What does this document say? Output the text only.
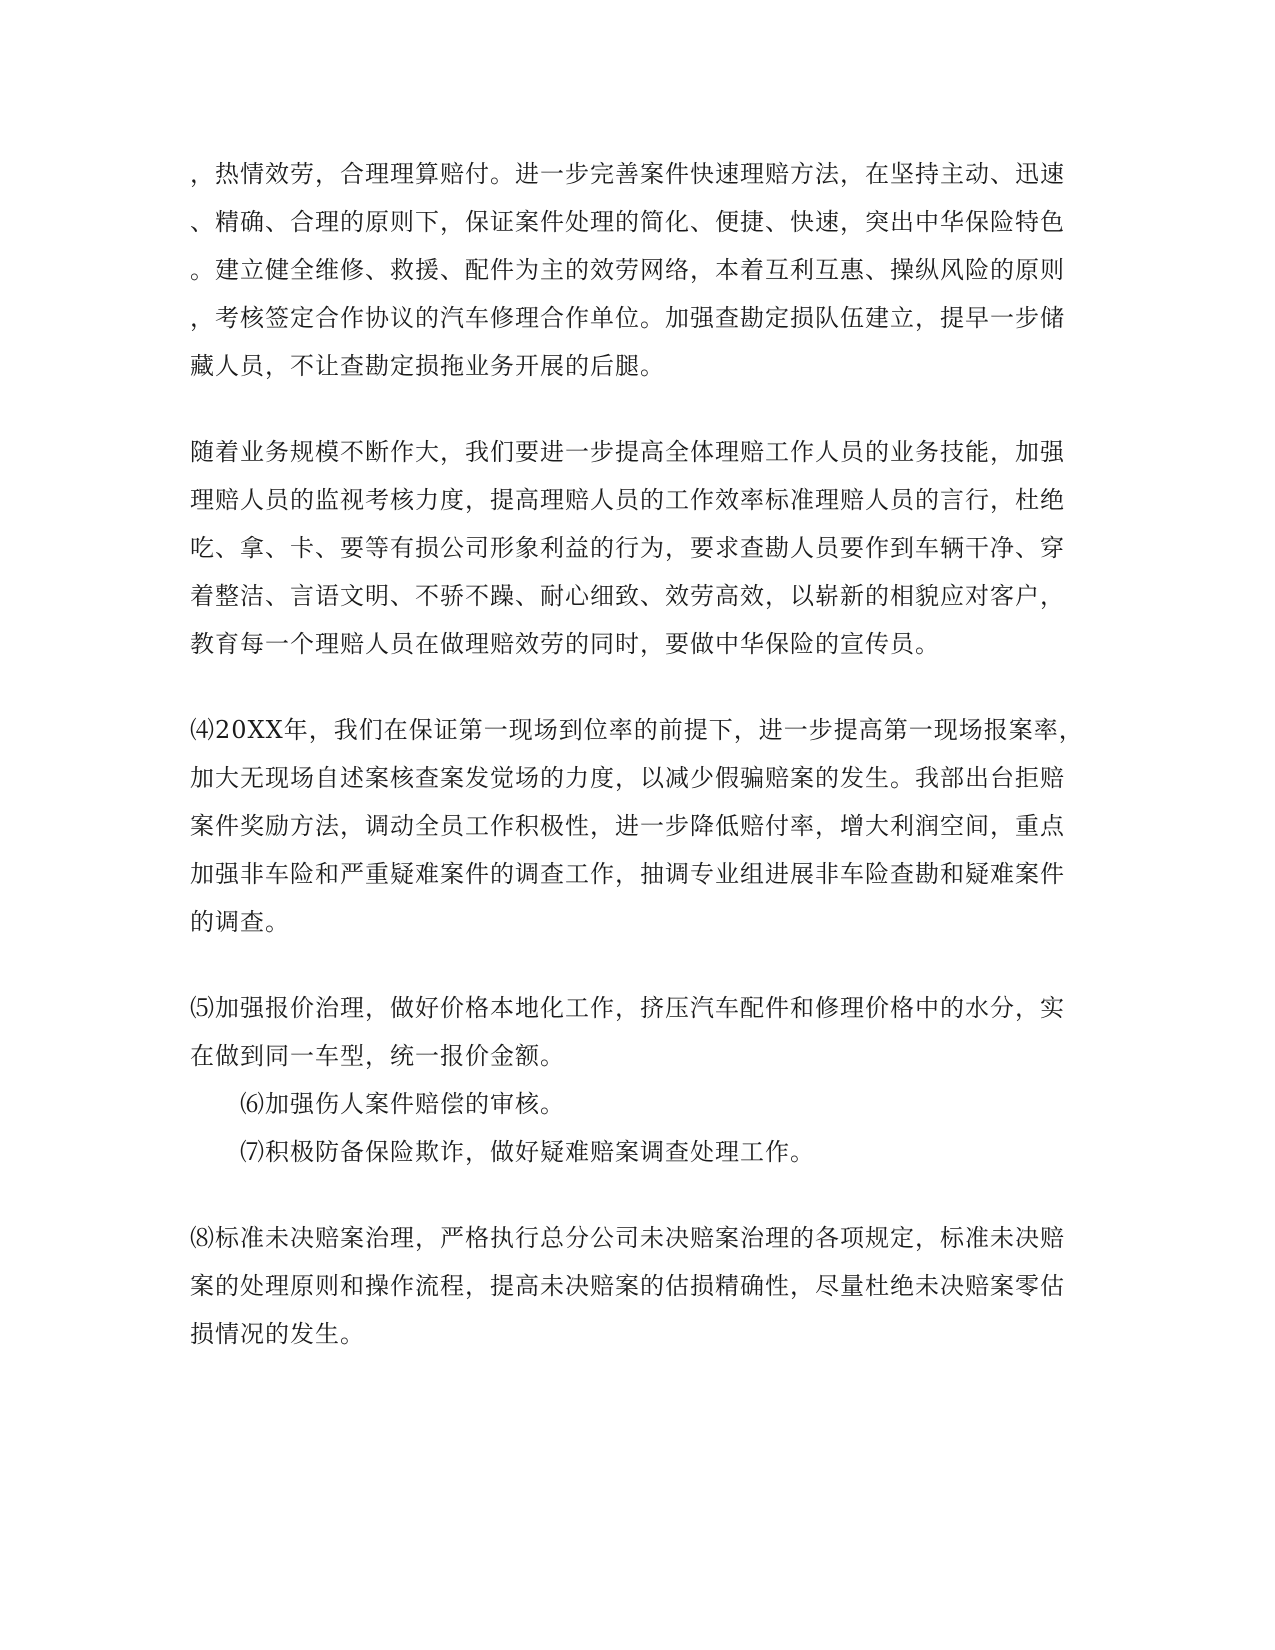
，热情效劳，合理理算赔付。进一步完善案件快速理赔方法，在坚持主动、迅速
、精确、合理的原则下，保证案件处理的简化、便捷、快速，突出中华保险特色
。建立健全维修、救援、配件为主的效劳网络，本着互利互惠、操纵风险的原则
，考核签定合作协议的汽车修理合作单位。加强查勘定损队伍建立，提早一步储
藏人员，不让查勘定损拖业务开展的后腿。
随着业务规模不断作大，我们要进一步提高全体理赔工作人员的业务技能，加强
理赔人员的监视考核力度，提高理赔人员的工作效率标准理赔人员的言行，杜绝
吃、拿、卡、要等有损公司形象利益的行为，要求查勘人员要作到车辆干净、穿
着整洁、言语文明、不骄不躁、耐心细致、效劳高效，以崭新的相貌应对客户，
教育每一个理赔人员在做理赔效劳的同时，要做中华保险的宣传员。
⑷20XX年，我们在保证第一现场到位率的前提下，进一步提高第一现场报案率，
加大无现场自述案核查案发觉场的力度，以减少假骗赔案的发生。我部出台拒赔
案件奖励方法，调动全员工作积极性，进一步降低赔付率，增大利润空间，重点
加强非车险和严重疑难案件的调查工作，抽调专业组进展非车险查勘和疑难案件
的调查。
⑸加强报价治理，做好价格本地化工作，挤压汽车配件和修理价格中的水分，实
在做到同一车型，统一报价金额。
⑹加强伤人案件赔偿的审核。
⑺积极防备保险欺诈，做好疑难赔案调查处理工作。
⑻标准未决赔案治理，严格执行总分公司未决赔案治理的各项规定，标准未决赔
案的处理原则和操作流程，提高未决赔案的估损精确性，尽量杜绝未决赔案零估
损情况的发生。
